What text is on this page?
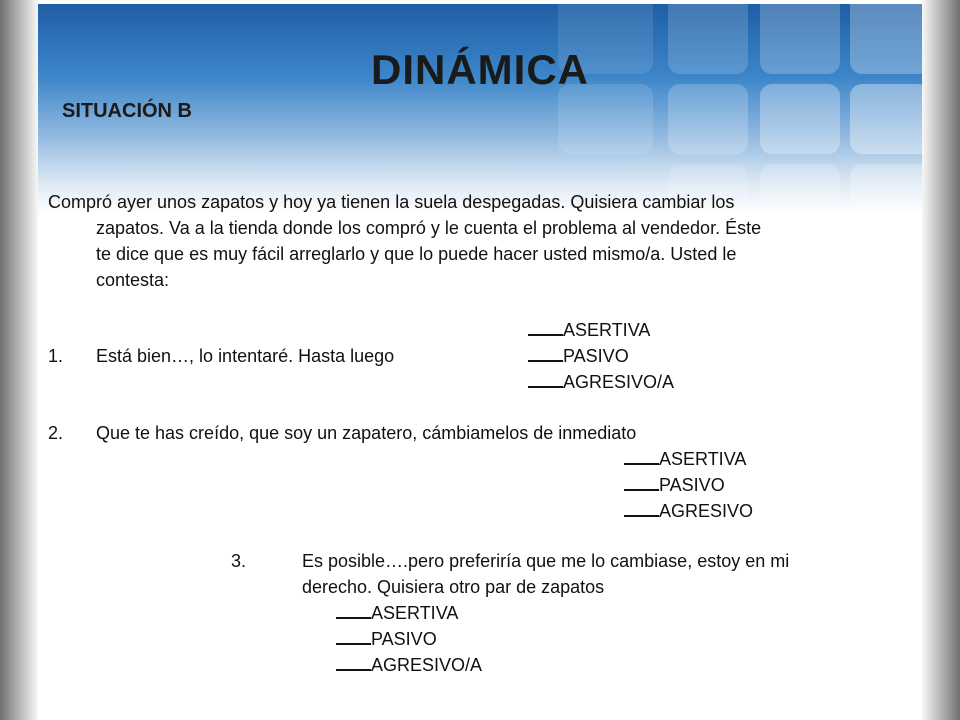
DINÁMICA
SITUACIÓN B
Compró ayer unos zapatos y hoy ya tienen la suela despegadas. Quisiera cambiar los
zapatos. Va a la tienda donde los compró y le cuenta el problema al vendedor. Éste
te dice que es muy fácil arreglarlo y que lo puede hacer usted mismo/a. Usted le
contesta:
ASERTIVA
1. Está bien…, lo intentaré. Hasta luego	PASIVO
AGRESIVO/A
2. Que te has creído, que soy un zapatero, cámbiamelos de inmediato
ASERTIVA
PASIVO
AGRESIVO
3.	Es posible….pero preferiría que me lo cambiase, estoy en mi
derecho. Quisiera otro par de zapatos
ASERTIVA
PASIVO
AGRESIVO/A
